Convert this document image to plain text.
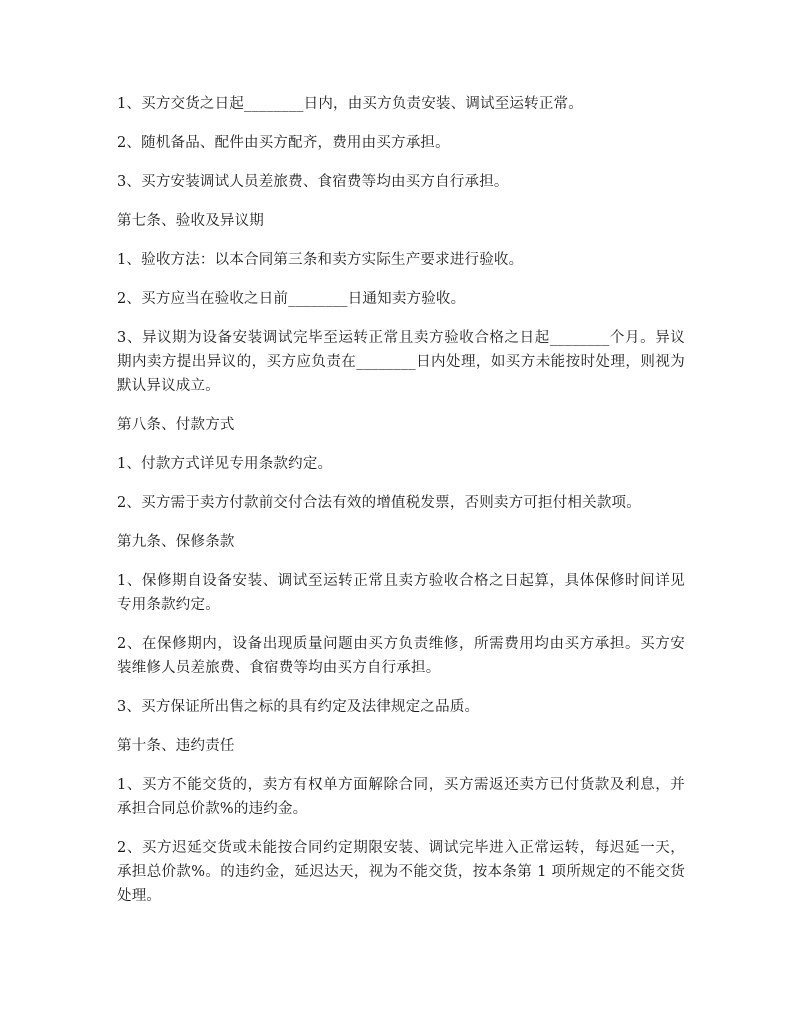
1、买方交货之日起________日内，由买方负责安装、调试至运转正常。

2、随机备品、配件由买方配齐，费用由买方承担。

3、买方安装调试人员差旅费、食宿费等均由买方自行承担。

第七条、验收及异议期

1、验收方法：以本合同第三条和卖方实际生产要求进行验收。

2、买方应当在验收之日前________日通知卖方验收。

3、异议期为设备安装调试完毕至运转正常且卖方验收合格之日起________个月。异议期内卖方提出异议的，买方应负责在________日内处理，如买方未能按时处理，则视为默认异议成立。

第八条、付款方式

1、付款方式详见专用条款约定。

2、买方需于卖方付款前交付合法有效的增值税发票，否则卖方可拒付相关款项。

第九条、保修条款

1、保修期自设备安装、调试至运转正常且卖方验收合格之日起算，具体保修时间详见专用条款约定。

2、在保修期内，设备出现质量问题由买方负责维修，所需费用均由买方承担。买方安装维修人员差旅费、食宿费等均由买方自行承担。

3、买方保证所出售之标的具有约定及法律规定之品质。

第十条、违约责任

1、买方不能交货的，卖方有权单方面解除合同，买方需返还卖方已付货款及利息，并承担合同总价款%的违约金。

2、买方迟延交货或未能按合同约定期限安装、调试完毕进入正常运转，每迟延一天，承担总价款%。的违约金，延迟达天，视为不能交货，按本条第 1 项所规定的不能交货处理。
